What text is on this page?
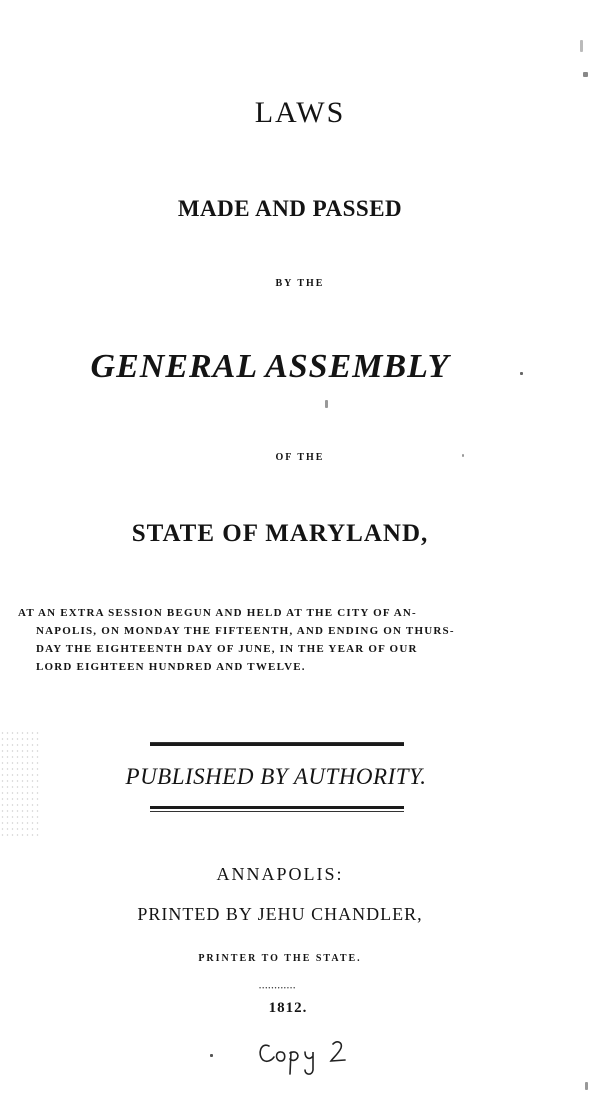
LAWS
MADE AND PASSED
BY THE
GENERAL ASSEMBLY
OF THE
STATE OF MARYLAND,
AT AN EXTRA SESSION BEGUN AND HELD AT THE CITY OF AN-
NAPOLIS, ON MONDAY THE FIFTEENTH, AND ENDING ON THURS-
DAY THE EIGHTEENTH DAY OF JUNE, IN THE YEAR OF OUR
LORD EIGHTEEN HUNDRED AND TWELVE.
PUBLISHED BY AUTHORITY.
ANNAPOLIS:
PRINTED BY JEHU CHANDLER,
PRINTER TO THE STATE.
••••••••••••
1812.
